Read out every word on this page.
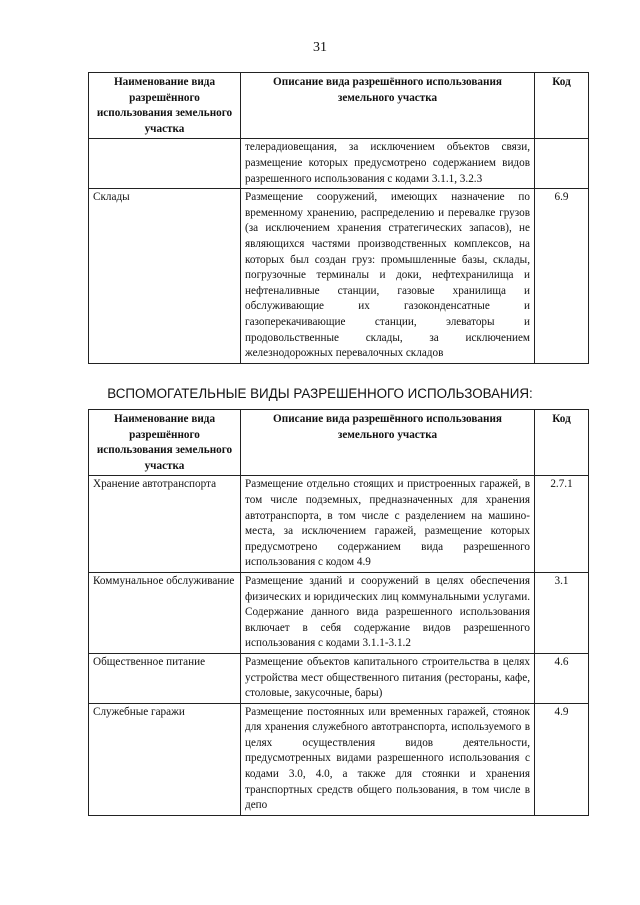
31
Наименование вида разрешённого использования земельного участка	Описание вида разрешённого использования земельного участка	Код
	телерадиовещания, за исключением объектов связи, размещение которых предусмотрено содержанием видов разрешенного использования с кодами 3.1.1, 3.2.3	
Склады	Размещение сооружений, имеющих назначение по временному хранению, распределению и перевалке грузов (за исключением хранения стратегических запасов), не являющихся частями производственных комплексов, на которых был создан груз: промышленные базы, склады, погрузочные терминалы и доки, нефтехранилища и нефтеналивные станции, газовые хранилища и обслуживающие их газоконденсатные и газоперекачивающие станции, элеваторы и продовольственные склады, за исключением железнодорожных перевалочных складов	6.9
ВСПОМОГАТЕЛЬНЫЕ ВИДЫ РАЗРЕШЕННОГО ИСПОЛЬЗОВАНИЯ:
Наименование вида разрешённого использования земельного участка	Описание вида разрешённого использования земельного участка	Код
Хранение автотранспорта	Размещение отдельно стоящих и пристроенных гаражей, в том числе подземных, предназначенных для хранения автотранспорта, в том числе с разделением на машино-места, за исключением гаражей, размещение которых предусмотрено содержанием вида разрешенного использования с кодом 4.9	2.7.1
Коммунальное обслуживание	Размещение зданий и сооружений в целях обеспечения физических и юридических лиц коммунальными услугами. Содержание данного вида разрешенного использования включает в себя содержание видов разрешенного использования с кодами 3.1.1-3.1.2	3.1
Общественное питание	Размещение объектов капитального строительства в целях устройства мест общественного питания (рестораны, кафе, столовые, закусочные, бары)	4.6
Служебные гаражи	Размещение постоянных или временных гаражей, стоянок для хранения служебного автотранспорта, используемого в целях осуществления видов деятельности, предусмотренных видами разрешенного использования с кодами 3.0, 4.0, а также для стоянки и хранения транспортных средств общего пользования, в том числе в депо	4.9
